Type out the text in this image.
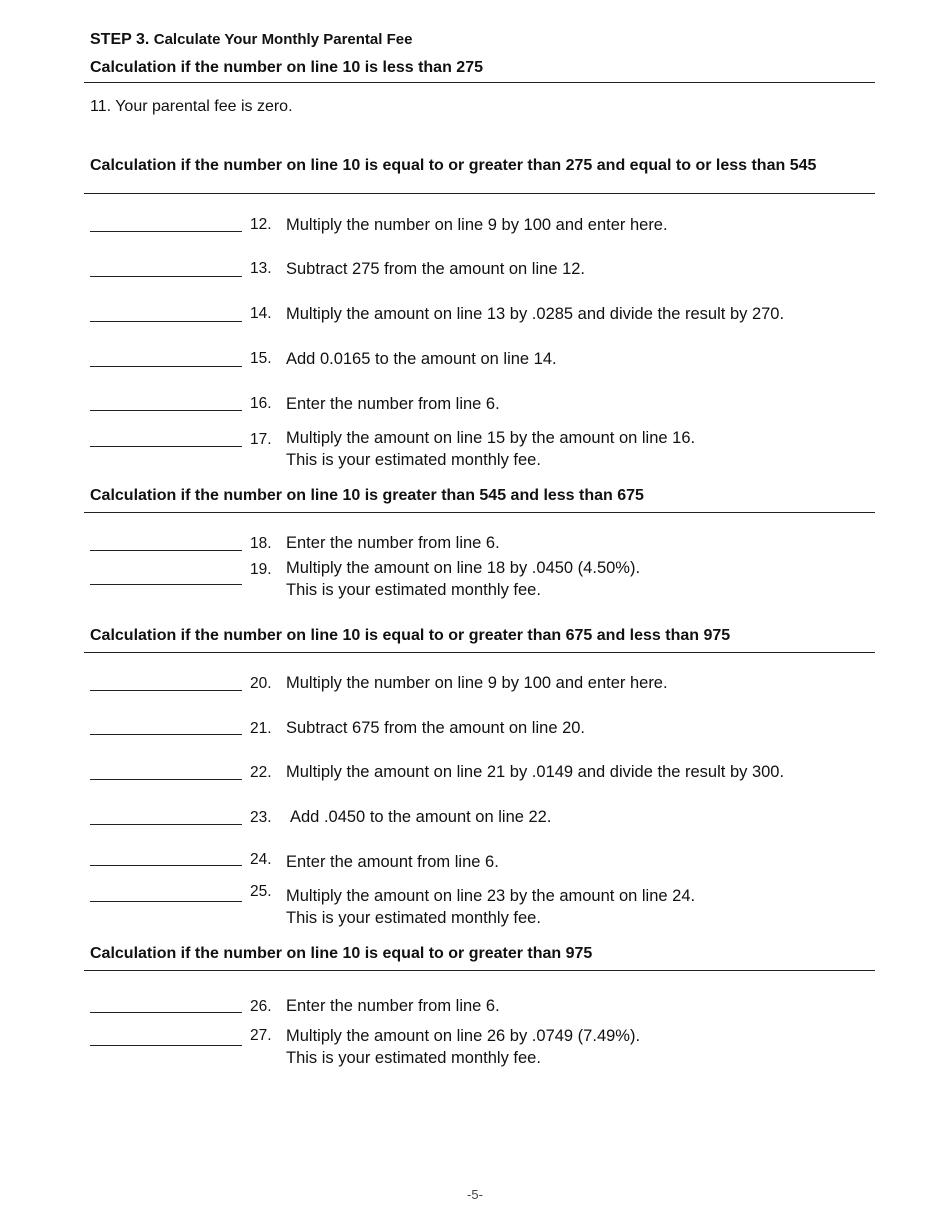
STEP 3. Calculate Your Monthly Parental Fee
Calculation if the number on line 10 is less than 275
11. Your parental fee is zero.
Calculation if the number on line 10 is equal to or greater than 275 and equal to or less than 545
12. Multiply the number on line 9 by 100 and enter here.
13. Subtract 275 from the amount on line 12.
14. Multiply the amount on line 13 by .0285 and divide the result by 270.
15. Add 0.0165 to the amount on line 14.
16. Enter the number from line 6.
17. Multiply the amount on line 15 by the amount on line 16.
This is your estimated monthly fee.
Calculation if the number on line 10 is greater than 545 and less than 675
18. Enter the number from line 6.
19. Multiply the amount on line 18 by .0450 (4.50%).
This is your estimated monthly fee.
Calculation if the number on line 10 is equal to or greater than 675 and less than 975
20. Multiply the number on line 9 by 100 and enter here.
21. Subtract 675 from the amount on line 20.
22. Multiply the amount on line 21 by .0149 and divide the result by 300.
23. Add .0450 to the amount on line 22.
24. Enter the amount from line 6.
25. Multiply the amount on line 23 by the amount on line 24.
This is your estimated monthly fee.
Calculation if the number on line 10 is equal to or greater than 975
26. Enter the number from line 6.
27. Multiply the amount on line 26 by .0749 (7.49%).
This is your estimated monthly fee.
-5-
